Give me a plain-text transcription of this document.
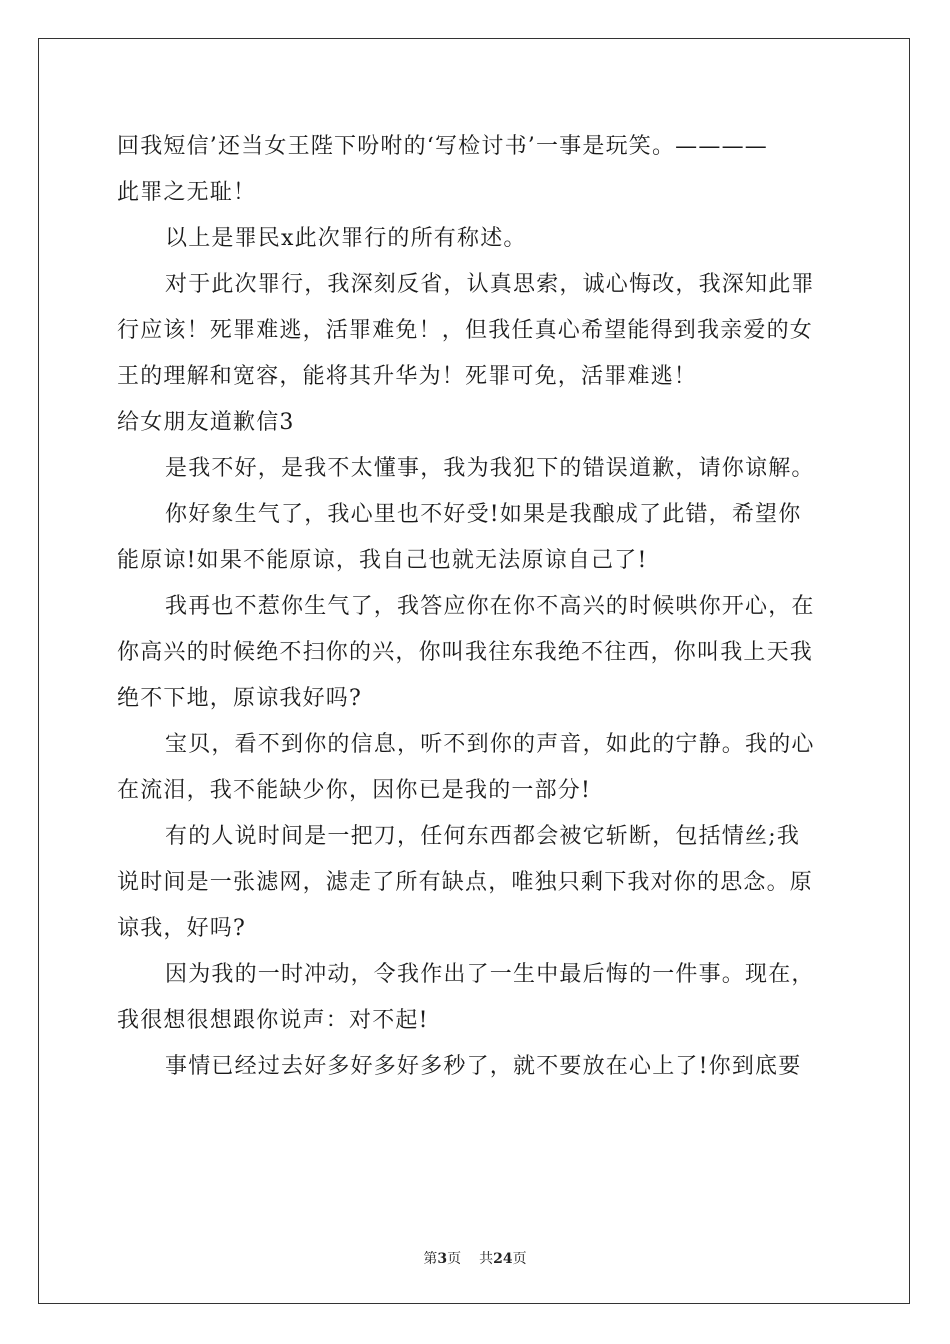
回我短信’还当女王陛下吩咐的‘写检讨书’一事是玩笑。————
此罪之无耻！
以上是罪民x此次罪行的所有称述。
对于此次罪行，我深刻反省，认真思索，诚心悔改，我深知此罪
行应该！死罪难逃，活罪难免！，但我任真心希望能得到我亲爱的女
王的理解和宽容，能将其升华为！死罪可免，活罪难逃！
给女朋友道歉信3
是我不好，是我不太懂事，我为我犯下的错误道歉，请你谅解。
你好象生气了，我心里也不好受!如果是我酿成了此错，希望你
能原谅!如果不能原谅，我自己也就无法原谅自己了!
我再也不惹你生气了，我答应你在你不高兴的时候哄你开心，在
你高兴的时候绝不扫你的兴，你叫我往东我绝不往西，你叫我上天我
绝不下地，原谅我好吗?
宝贝，看不到你的信息，听不到你的声音，如此的宁静。我的心
在流泪，我不能缺少你，因你已是我的一部分!
有的人说时间是一把刀，任何东西都会被它斩断，包括情丝;我
说时间是一张滤网，滤走了所有缺点，唯独只剩下我对你的思念。原
谅我，好吗?
因为我的一时冲动，令我作出了一生中最后悔的一件事。现在，
我很想很想跟你说声：对不起!
事情已经过去好多好多好多秒了，就不要放在心上了!你到底要
第3页 共24页
